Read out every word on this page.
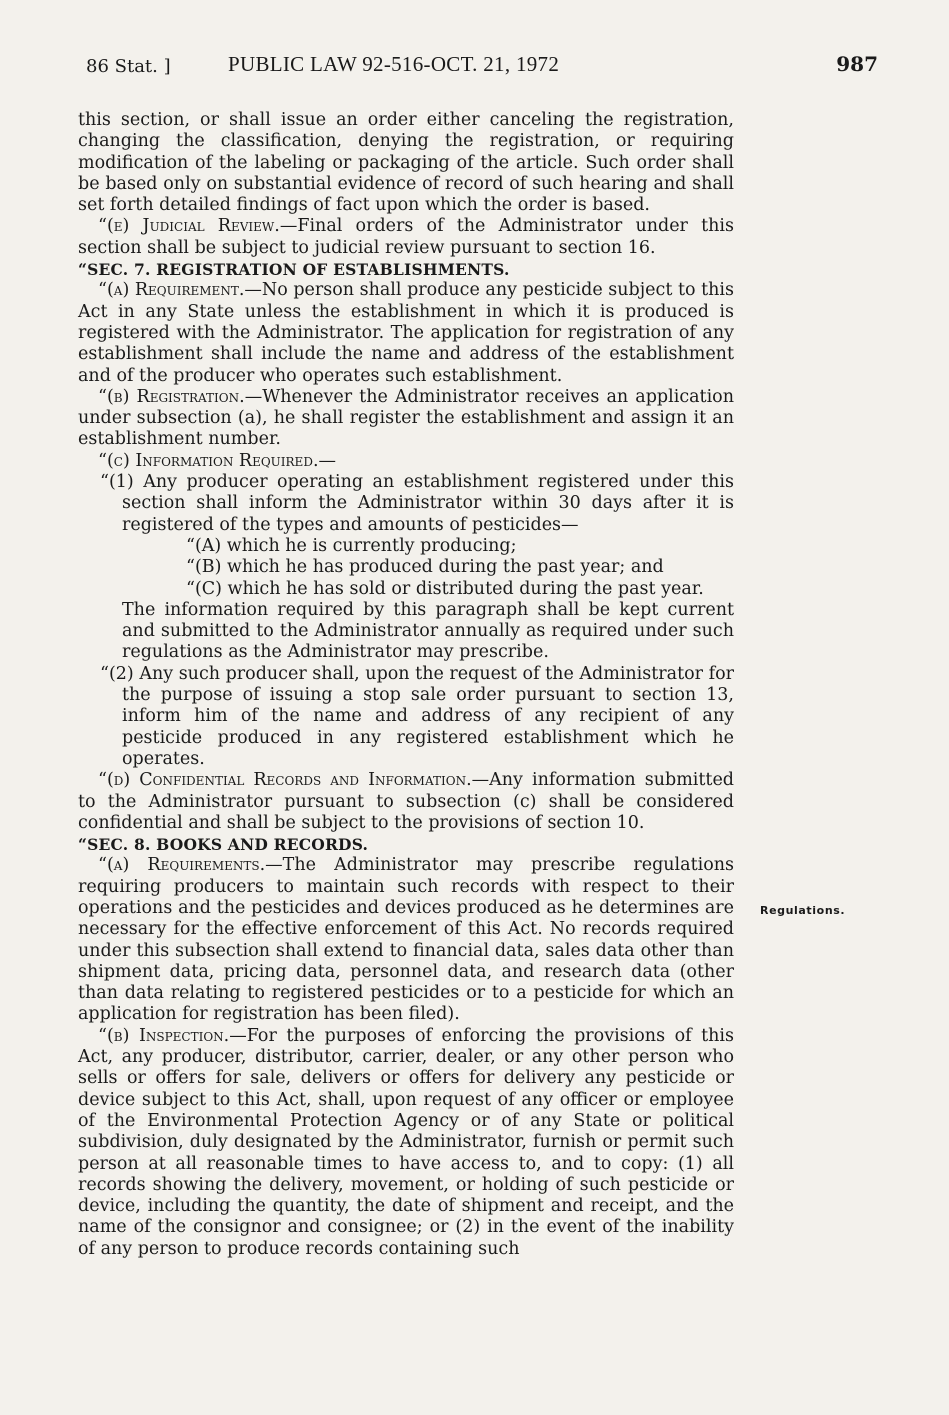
86 Stat. ]	PUBLIC LAW 92-516-OCT. 21, 1972	987
Regulations.

this section, or shall issue an order either canceling the registration, changing the classification, denying the registration, or requiring modification of the labeling or packaging of the article. Such order shall be based only on substantial evidence of record of such hearing and shall set forth detailed findings of fact upon which the order is based.

“(e) Judicial Review.—Final orders of the Administrator under this section shall be subject to judicial review pursuant to section 16.

“SEC. 7. REGISTRATION OF ESTABLISHMENTS.

“(a) Requirement.—No person shall produce any pesticide subject to this Act in any State unless the establishment in which it is produced is registered with the Administrator. The application for registration of any establishment shall include the name and address of the establishment and of the producer who operates such establishment.

“(b) Registration.—Whenever the Administrator receives an application under subsection (a), he shall register the establishment and assign it an establishment number.

“(c) Information Required.—

“(1) Any producer operating an establishment registered under this section shall inform the Administrator within 30 days after it is registered of the types and amounts of pesticides—

“(A) which he is currently producing;

“(B) which he has produced during the past year; and

“(C) which he has sold or distributed during the past year.

The information required by this paragraph shall be kept current and submitted to the Administrator annually as required under such regulations as the Administrator may prescribe.

“(2) Any such producer shall, upon the request of the Administrator for the purpose of issuing a stop sale order pursuant to section 13, inform him of the name and address of any recipient of any pesticide produced in any registered establishment which he operates.

“(d) Confidential Records and Information.—Any information submitted to the Administrator pursuant to subsection (c) shall be considered confidential and shall be subject to the provisions of section 10.

“SEC. 8. BOOKS AND RECORDS.

“(a) Requirements.—The Administrator may prescribe regulations requiring producers to maintain such records with respect to their operations and the pesticides and devices produced as he determines are necessary for the effective enforcement of this Act. No records required under this subsection shall extend to financial data, sales data other than shipment data, pricing data, personnel data, and research data (other than data relating to registered pesticides or to a pesticide for which an application for registration has been filed).

“(b) Inspection.—For the purposes of enforcing the provisions of this Act, any producer, distributor, carrier, dealer, or any other person who sells or offers for sale, delivers or offers for delivery any pesticide or device subject to this Act, shall, upon request of any officer or employee of the Environmental Protection Agency or of any State or political subdivision, duly designated by the Administrator, furnish or permit such person at all reasonable times to have access to, and to copy: (1) all records showing the delivery, movement, or holding of such pesticide or device, including the quantity, the date of shipment and receipt, and the name of the consignor and consignee; or (2) in the event of the inability of any person to produce records containing such
